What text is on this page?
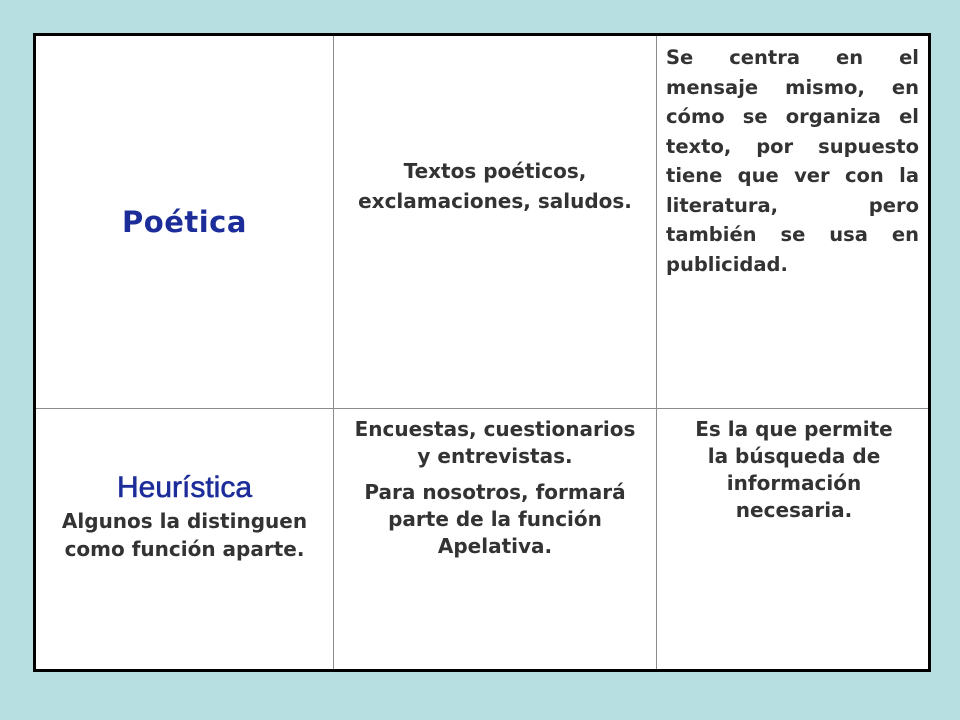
Poética
Textos poéticos, exclamaciones, saludos.
Se centra en el mensaje mismo, en cómo se organiza el texto, por supuesto tiene que ver con la literatura, pero también se usa en publicidad.
Heurística
Algunos la distinguen como función aparte.
Encuestas, cuestionarios y entrevistas.
Para nosotros, formará parte de la función Apelativa.
Es la que permite la búsqueda de información necesaria.
